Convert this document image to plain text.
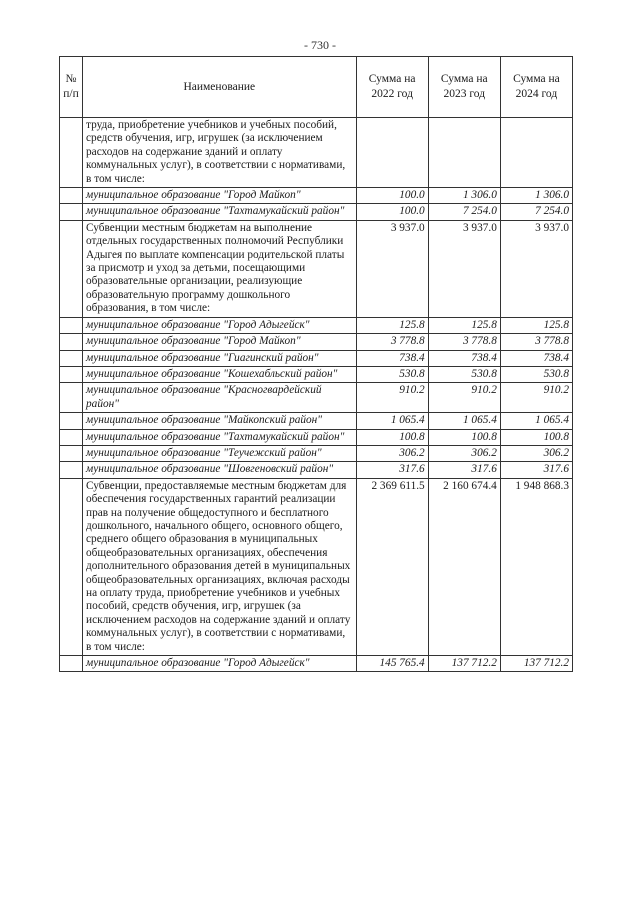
- 730 -
№ п/п	Наименование	Сумма на 2022 год	Сумма на 2023 год	Сумма на 2024 год
	труда, приобретение учебников и учебных пособий, средств обучения, игр, игрушек (за исключением расходов на содержание зданий и оплату коммунальных услуг), в соответствии с нормативами, в том числе:			
	муниципальное образование "Город Майкоп"	100.0	1 306.0	1 306.0
	муниципальное образование "Тахтамукайский район"	100.0	7 254.0	7 254.0
	Субвенции местным бюджетам на выполнение отдельных государственных полномочий Республики Адыгея по выплате компенсации родительской платы за присмотр и уход за детьми, посещающими образовательные организации, реализующие образовательную программу дошкольного образования, в том числе:	3 937.0	3 937.0	3 937.0
	муниципальное образование "Город Адыгейск"	125.8	125.8	125.8
	муниципальное образование "Город Майкоп"	3 778.8	3 778.8	3 778.8
	муниципальное образование "Гиагинский район"	738.4	738.4	738.4
	муниципальное образование "Кошехабльский район"	530.8	530.8	530.8
	муниципальное образование "Красногвардейский район"	910.2	910.2	910.2
	муниципальное образование "Майкопский район"	1 065.4	1 065.4	1 065.4
	муниципальное образование "Тахтамукайский район"	100.8	100.8	100.8
	муниципальное образование "Теучежский район"	306.2	306.2	306.2
	муниципальное образование "Шовгеновский район"	317.6	317.6	317.6
	Субвенции, предоставляемые местным бюджетам для обеспечения государственных гарантий реализации прав на получение общедоступного и бесплатного дошкольного, начального общего, основного общего, среднего общего образования в муниципальных общеобразовательных организациях, обеспечения дополнительного образования детей в муниципальных общеобразовательных организациях, включая расходы на оплату труда, приобретение учебников и учебных пособий, средств обучения, игр, игрушек (за исключением расходов на содержание зданий и оплату коммунальных услуг), в соответствии с нормативами, в том числе:	2 369 611.5	2 160 674.4	1 948 868.3
	муниципальное образование "Город Адыгейск"	145 765.4	137 712.2	137 712.2
